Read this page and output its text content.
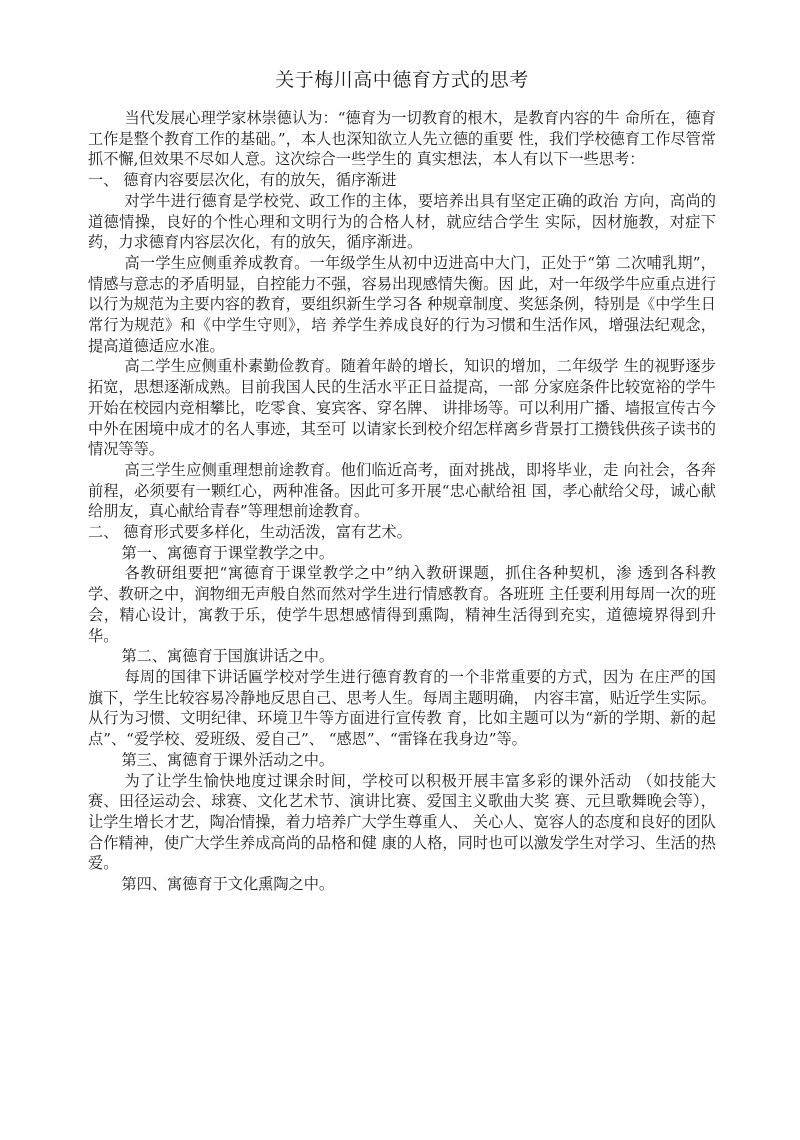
关于梅川高中德育方式的思考

当代发展心理学家林崇德认为：“德育为一切教育的根木，是教育内容的牛 命所在，德育工作是整个教育工作的基础。”，本人也深知欲立人先立德的重要 性，我们学校德育工作尽管常抓不懈,但效果不尽如人意。这次综合一些学生的 真实想法，本人有以下一些思考：

一、 德育内容要层次化，有的放矢，循序渐进

对学牛进行德育是学校党、政工作的主体，要培养出具有坚定正确的政治 方向，高尚的道德情操，良好的个性心理和文明行为的合格人材，就应结合学生 实际，因材施教，对症下药，力求德育内容层次化，有的放矢，循序渐进。

高一学生应侧重养成教育。一年级学生从初中迈进高中大门，正处于“第 二次哺乳期”，情感与意志的矛盾明显，自控能力不强，容易出现感情失衡。因 此，对一年级学牛应重点进行以行为规范为主要内容的教育，要组织新生学习各 种规章制度、奖惩条例，特别是《中学生日常行为规范》和《中学生守则》，培 养学生养成良好的行为习惯和生活作风，增强法纪观念，提高道德适应水准。

高二学生应侧重朴素勤俭教育。随着年龄的增长，知识的增加，二年级学 生的视野逐步拓宽，思想逐渐成熟。目前我国人民的生活水平正日益提高，一部 分家庭条件比较宽裕的学牛开始在校园内竞相攀比，吃零食、宴宾客、穿名牌、 讲排场等。可以利用广播、墙报宣传古今中外在困境中成才的名人事迹，其至可 以请家长到校介绍怎样离乡背景打工攒钱供孩子读书的情况等等。

高三学生应侧重理想前途教育。他们临近高考，面对挑战，即将毕业，走 向社会，各奔前程，必须要有一颗红心，两种准备。因此可多开展“忠心献给祖 国，孝心献给父母，诚心献给朋友，真心献给青春”等理想前途教育。

二、 德育形式要多样化，生动活泼，富有艺术。

第一、寓德育于课堂教学之中。

各教研组要把“寓德育于课堂教学之中”纳入教研课题，抓住各种契机，渗 透到各科教学、教研之中，润物细无声般自然而然对学生进行情感教育。各班班 主任要利用每周一次的班会，精心设计，寓教于乐，使学牛思想感情得到熏陶，精神生活得到充实，道德境界得到升华。

第二、寓德育于国旗讲话之中。

每周的国律下讲话匾学校对学生进行德育教育的一个非常重要的方式，因为 在庄严的国旗下，学生比较容易冷静地反思自己、思考人生。每周主题明确， 内容丰富，贴近学生实际。从行为习惯、文明纪律、环境卫牛等方面进行宣传教 育，比如主题可以为“新的学期、新的起点”、“爱学校、爱班级、爱自己”、 “感恩”、“雷锋在我身边”等。

第三、寓德育于课外活动之中。

为了让学生愉快地度过课余时间，学校可以积极开展丰富多彩的课外活动 （如技能大赛、田径运动会、球赛、文化艺术节、演讲比赛、爱国主义歌曲大奖 赛、元旦歌舞晚会等），让学生增长才艺，陶冶情操，着力培养广大学生尊重人、 关心人、宽容人的态度和良好的团队合作精神，使广大学生养成高尚的品格和健 康的人格，同时也可以激发学生对学习、生活的热爱。

第四、寓德育于文化熏陶之中。
